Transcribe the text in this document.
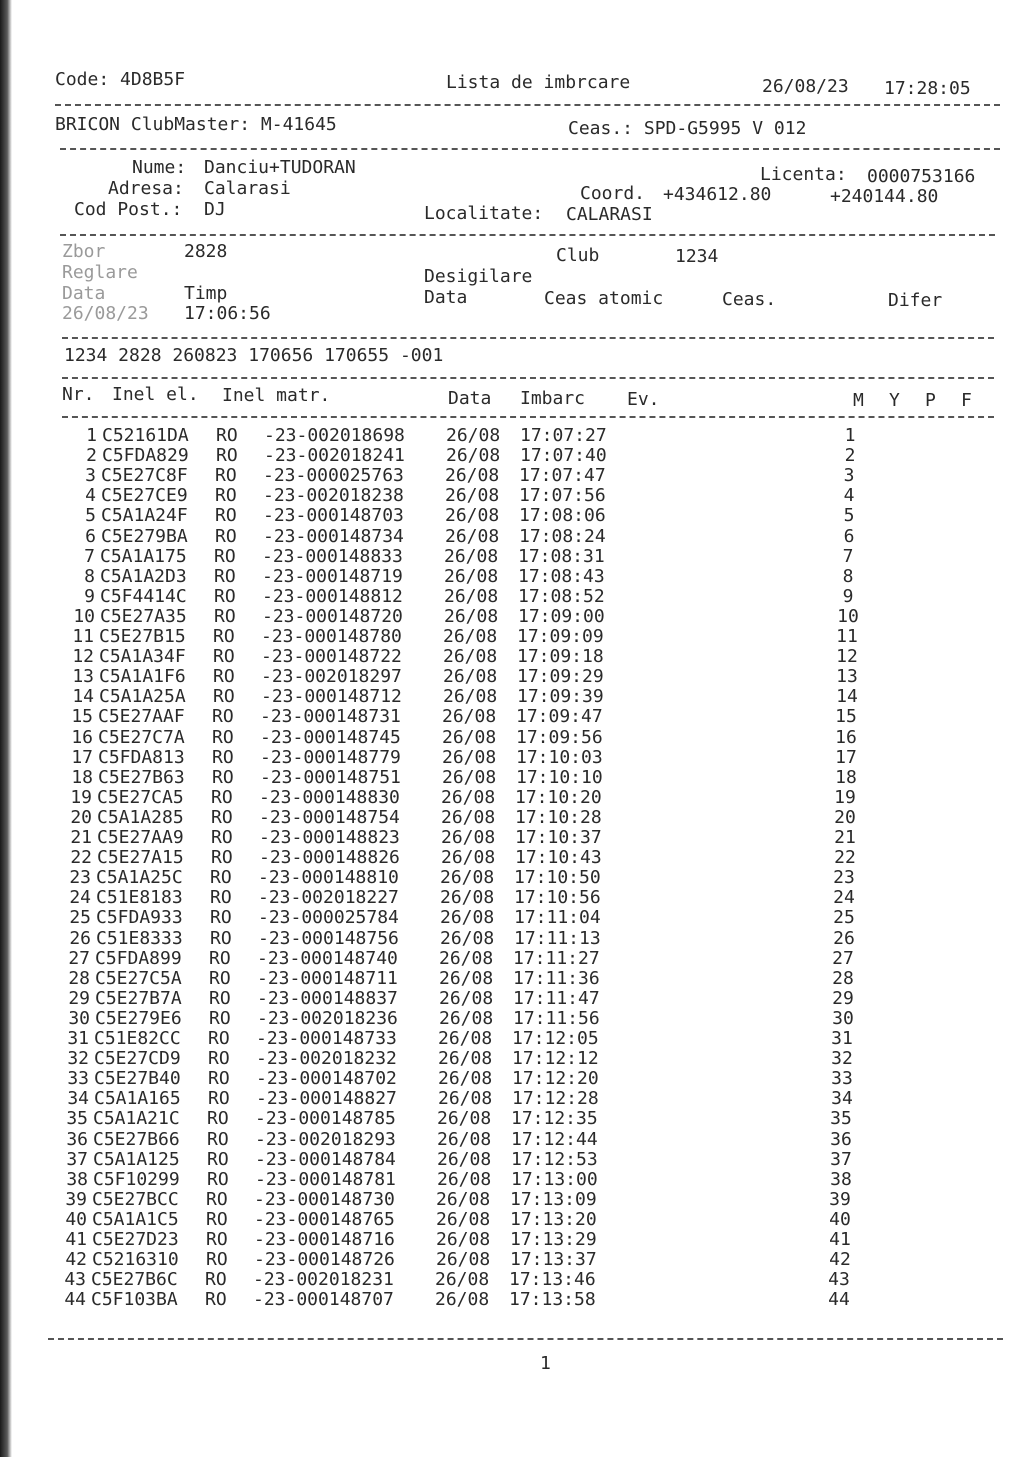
Code: 4D8B5F	Lista de imbrcare	26/08/23 17:28:05
BRICON ClubMaster: M-41645	Ceas.: SPD-G5995 V 012
Nume: Danciu+TUDORAN
Adresa: Calarasi
Cod Post.: DJ
Licenta: 0000753166
Coord. +434612.80	+240144.80
Localitate: CALARASI
Zbor	2828	Club	1234
Reglare	Desigilare
Data	Timp	Data	Ceas atomic	Ceas.	Difer
26/08/23 17:06:56
1234 2828 260823 170656 170655 -001
Nr. Inel el. Inel matr.	Data Imbarc Ev.	M Y P F
1 C52161DA RO -23-002018698 26/08 17:07:27	1
2 C5FDA829 RO -23-002018241 26/08 17:07:40	2
3 C5E27C8F RO -23-000025763 26/08 17:07:47	3
4 C5E27CE9 RO -23-002018238 26/08 17:07:56	4
5 C5A1A24F RO -23-000148703 26/08 17:08:06	5
6 C5E279BA RO -23-000148734 26/08 17:08:24	6
7 C5A1A175 RO -23-000148833 26/08 17:08:31	7
8 C5A1A2D3 RO -23-000148719 26/08 17:08:43	8
9 C5F4414C RO -23-000148812 26/08 17:08:52	9
10 C5E27A35 RO -23-000148720 26/08 17:09:00	10
11 C5E27B15 RO -23-000148780 26/08 17:09:09	11
12 C5A1A34F RO -23-000148722 26/08 17:09:18	12
13 C5A1A1F6 RO -23-002018297 26/08 17:09:29	13
14 C5A1A25A RO -23-000148712 26/08 17:09:39	14
15 C5E27AAF RO -23-000148731 26/08 17:09:47	15
16 C5E27C7A RO -23-000148745 26/08 17:09:56	16
17 C5FDA813 RO -23-000148779 26/08 17:10:03	17
18 C5E27B63 RO -23-000148751 26/08 17:10:10	18
19 C5E27CA5 RO -23-000148830 26/08 17:10:20	19
20 C5A1A285 RO -23-000148754 26/08 17:10:28	20
21 C5E27AA9 RO -23-000148823 26/08 17:10:37	21
22 C5E27A15 RO -23-000148826 26/08 17:10:43	22
23 C5A1A25C RO -23-000148810 26/08 17:10:50	23
24 C51E8183 RO -23-002018227 26/08 17:10:56	24
25 C5FDA933 RO -23-000025784 26/08 17:11:04	25
26 C51E8333 RO -23-000148756 26/08 17:11:13	26
27 C5FDA899 RO -23-000148740 26/08 17:11:27	27
28 C5E27C5A RO -23-000148711 26/08 17:11:36	28
29 C5E27B7A RO -23-000148837 26/08 17:11:47	29
30 C5E279E6 RO -23-002018236 26/08 17:11:56	30
31 C51E82CC RO -23-000148733 26/08 17:12:05	31
32 C5E27CD9 RO -23-002018232 26/08 17:12:12	32
33 C5E27B40 RO -23-000148702 26/08 17:12:20	33
34 C5A1A165 RO -23-000148827 26/08 17:12:28	34
35 C5A1A21C RO -23-000148785 26/08 17:12:35	35
36 C5E27B66 RO -23-002018293 26/08 17:12:44	36
37 C5A1A125 RO -23-000148784 26/08 17:12:53	37
38 C5F10299 RO -23-000148781 26/08 17:13:00	38
39 C5E27BCC RO -23-000148730 26/08 17:13:09	39
40 C5A1A1C5 RO -23-000148765 26/08 17:13:20	40
41 C5E27D23 RO -23-000148716 26/08 17:13:29	41
42 C5216310 RO -23-000148726 26/08 17:13:37	42
43 C5E27B6C RO -23-002018231 26/08 17:13:46	43
44 C5F103BA RO -23-000148707 26/08 17:13:58	44
1
